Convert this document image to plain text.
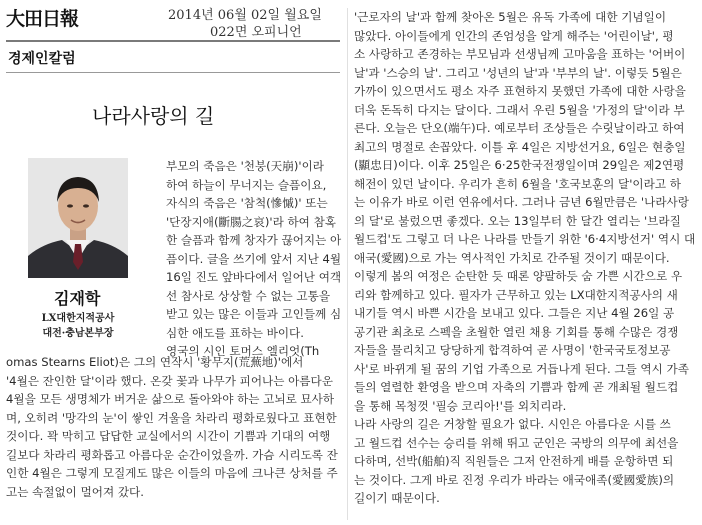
大田日報	2014년 06월 02일 월요일
022면 오피니언
경제인칼럼
나라사랑의 길
김재학
LX대한지적공사
대전·충남본부장
부모의 죽음은 '천붕(天崩)'이라
하여 하늘이 무너지는 슬픔이요,
자식의 죽음은 '참척(慘慽)' 또는
'단장지애(斷腸之哀)'라 하여 참혹
한 슬픔과 함께 창자가 끊어지는 아
픔이다. 글을 쓰기에 앞서 지난 4월
16일 진도 앞바다에서 일어난 여객
선 참사로 상상할 수 없는 고통을
받고 있는 많은 이들과 고인들께 심
심한 애도를 표하는 바이다.
영국의 시인 토머스 엘리엇(Th
omas Stearns Eliot)은 그의 연작시 '황무지(荒蕪地)'에서
'4월은 잔인한 달'이라 했다. 온갖 꽃과 나무가 피어나는 아름다운
4월을 모든 생명체가 버거운 삶으로 돌아와야 하는 고뇌로 묘사하
며, 오히려 '망각의 눈'이 쌓인 겨울을 차라리 평화로웠다고 표현한
것이다. 꽉 막히고 답답한 교실에서의 시간이 기쁨과 기대의 여행
길보다 차라리 평화롭고 아름다운 순간이었을까. 가슴 시리도록 잔
인한 4월은 그렇게 모질게도 많은 이들의 마음에 크나큰 상처를 주
고는 속절없이 멀어져 갔다.
'근로자의 날'과 함께 찾아온 5월은 유독 가족에 대한 기념일이
많았다. 아이들에게 인간의 존엄성을 알게 해주는 '어린이날', 평
소 사랑하고 존경하는 부모님과 선생님께 고마움을 표하는 '어버이
날'과 '스승의 날'. 그리고 '성년의 날'과 '부부의 날'. 이렇듯 5월은
가까이 있으면서도 평소 자주 표현하지 못했던 가족에 대한 사랑을
더욱 돈독히 다지는 달이다. 그래서 우린 5월을 '가정의 달'이라 부
른다. 오늘은 단오(端午)다. 예로부터 조상들은 수릿날이라고 하여
최고의 명절로 손꼽았다. 이틀 후 4일은 지방선거요, 6일은 현충일
(顯忠日)이다. 이후 25일은 6·25한국전쟁일이며 29일은 제2연평
해전이 있던 날이다. 우리가 흔히 6월을 '호국보훈의 달'이라고 하
는 이유가 바로 이런 연유에서다. 그러나 금년 6월만큼은 '나라사랑
의 달'로 불렀으면 좋겠다. 오는 13일부터 한 달간 열리는 '브라질
월드컵'도 그렇고 더 나은 나라를 만들기 위한 '6·4지방선거' 역시 대
애국(愛國)으로 가는 역사적인 가치로 간주될 것이기 때문이다.
이렇게 봄의 여정은 순탄한 듯 때론 양팔하듯 숨 가쁜 시간으로 우
리와 함께하고 있다. 필자가 근무하고 있는 LX대한지적공사의 새
내기들 역시 바쁜 시간을 보내고 있다. 그들은 지난 4월 26일 공
공기관 최초로 스펙을 초월한 열린 채용 기회를 통해 수많은 경쟁
자들을 물리치고 당당하게 합격하여 곧 사명이 '한국국토정보공
사'로 바뀌게 될 꿈의 기업 가족으로 거듭나게 된다. 그들 역시 가족
들의 열렬한 환영을 받으며 자축의 기쁨과 함께 곧 개최될 월드컵
을 통해 목청껏 '필승 코리아!'를 외치리라.
나라 사랑의 길은 거창할 필요가 없다. 시인은 아름다운 시를 쓰
고 월드컵 선수는 승리를 위해 뛰고 군인은 국방의 의무에 최선을
다하며, 선박(船舶)직 직원들은 그저 안전하게 배를 운항하면 되
는 것이다. 그게 바로 진정 우리가 바라는 애국애족(愛國愛族)의
길이기 때문이다.
